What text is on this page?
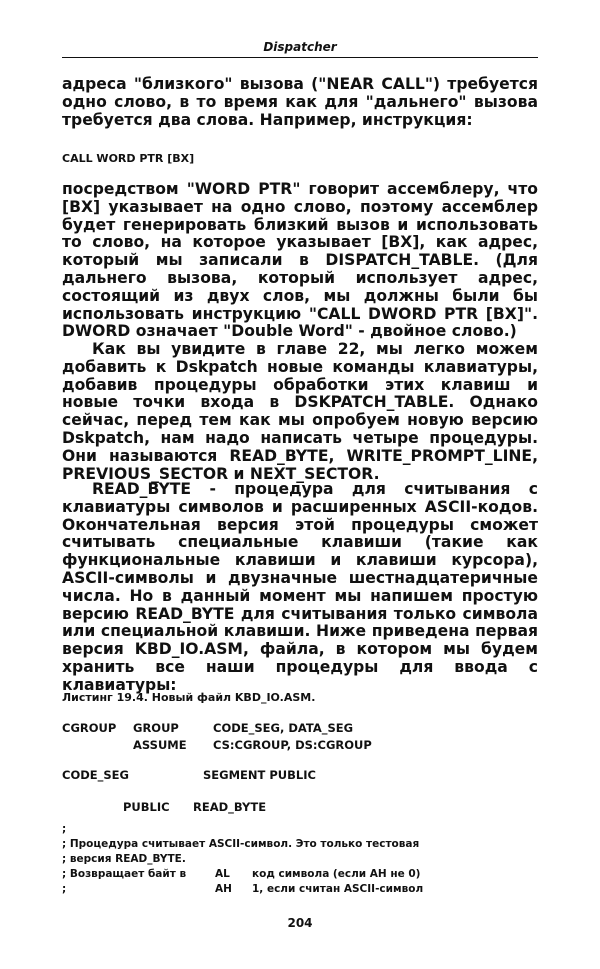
Dispatcher

адреса "близкого" вызова ("NEAR CALL") требуется одно слово, в то время как для "дальнего" вызова требуется два слова. Например, инструкция:

CALL WORD PTR [BX]

посредством "WORD PTR" говорит ассемблеру, что [BX] указывает на одно слово, поэтому ассемблер будет генерировать близкий вызов и использовать то слово, на которое указывает [BX], как адрес, который мы записали в DISPATCH_TABLE. (Для дальнего вызова, который использует адрес, состоящий из двух слов, мы должны были бы использовать инструкцию "CALL DWORD PTR [BX]". DWORD означает "Double Word" - двойное слово.)

Как вы увидите в главе 22, мы легко можем добавить к Dskpatch новые команды клавиатуры, добавив процедуры обработки этих клавиш и новые точки входа в DSKPATCH_TABLE. Однако сейчас, перед тем как мы опробуем новую версию Dskpatch, нам надо написать четыре процедуры. Они называются READ_BYTE, WRITE_PROMPT_LINE, PREVIOUS_SECTOR и NEXT_SECTOR.

READ_BYTE - процедура для считывания с клавиатуры символов и расширенных ASCII-кодов. Окончательная версия этой процедуры сможет считывать специальные клавиши (такие как функциональные клавиши и клавиши курсора), ASCII-символы и двузначные шестнадцатеричные числа. Но в данный момент мы напишем простую версию READ_BYTE для считывания только символа или специальной клавиши. Ниже приведена первая версия KBD_IO.ASM, файла, в котором мы будем хранить все наши процедуры для ввода с клавиатуры:

Листинг 19.4. Новый файл KBD_IO.ASM.
CGROUP GROUP	CODE_SEG, DATA_SEG
ASSUME CS:CGROUP, DS:CGROUP
CODE_SEG	SEGMENT PUBLIC
PUBLIC READ_BYTE
;
; Процедура считывает ASCII-символ. Это только тестовая
; версия READ_BYTE.
; Возвращает байт в	AL код символа (если AH не 0)
;	AH 1, если считан ASCII-символ
204
